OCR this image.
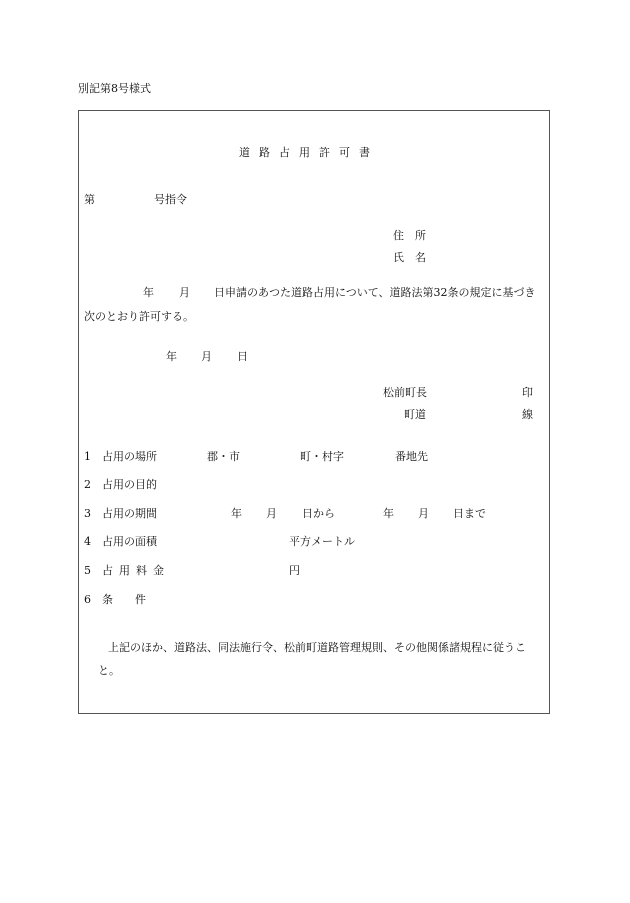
別記第8号様式
道路占用許可書
第	号指令
住　所
氏　名
年 月 日申請のあつた道路占用について、道路法第32条の規定に基づき
次のとおり許可する。
年 月 日
松前町長	印
町道	線
1 占用の場所	郡・市	町・村字	番地先
2 占用の目的
3 占用の期間	年 月 日から	年 月 日まで
4 占用の面積	平方メートル
5 占用料金	円
6 条　　件
上記のほか、道路法、同法施行令、松前町道路管理規則、その他関係諸規程に従うこ
と。
